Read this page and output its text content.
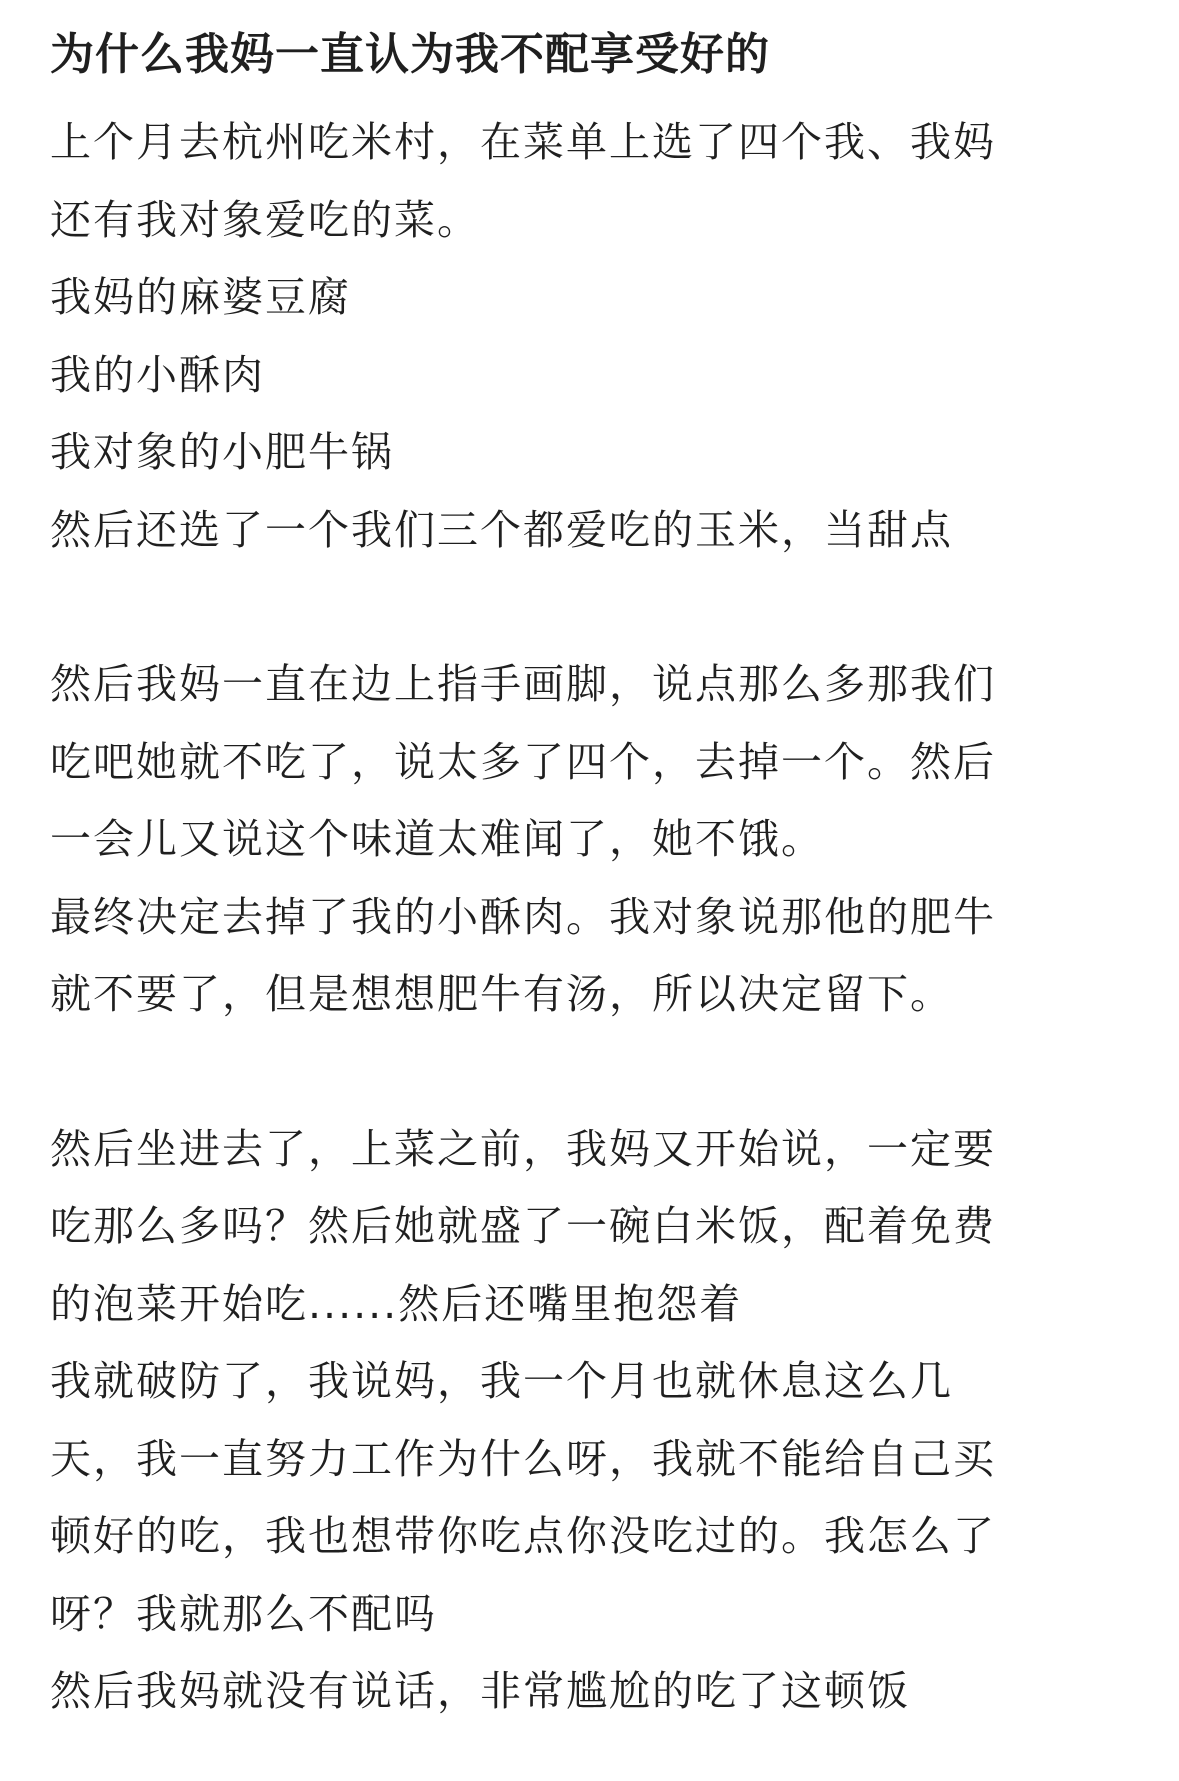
为什么我妈一直认为我不配享受好的
上个月去杭州吃米村，在菜单上选了四个我、我妈
还有我对象爱吃的菜。
我妈的麻婆豆腐
我的小酥肉
我对象的小肥牛锅
然后还选了一个我们三个都爱吃的玉米，当甜点
然后我妈一直在边上指手画脚，说点那么多那我们
吃吧她就不吃了，说太多了四个，去掉一个。然后
一会儿又说这个味道太难闻了，她不饿。
最终决定去掉了我的小酥肉。我对象说那他的肥牛
就不要了，但是想想肥牛有汤，所以决定留下。
然后坐进去了，上菜之前，我妈又开始说，一定要
吃那么多吗？然后她就盛了一碗白米饭，配着免费
的泡菜开始吃......然后还嘴里抱怨着
我就破防了，我说妈，我一个月也就休息这么几
天，我一直努力工作为什么呀，我就不能给自己买
顿好的吃，我也想带你吃点你没吃过的。我怎么了
呀？我就那么不配吗
然后我妈就没有说话，非常尴尬的吃了这顿饭
